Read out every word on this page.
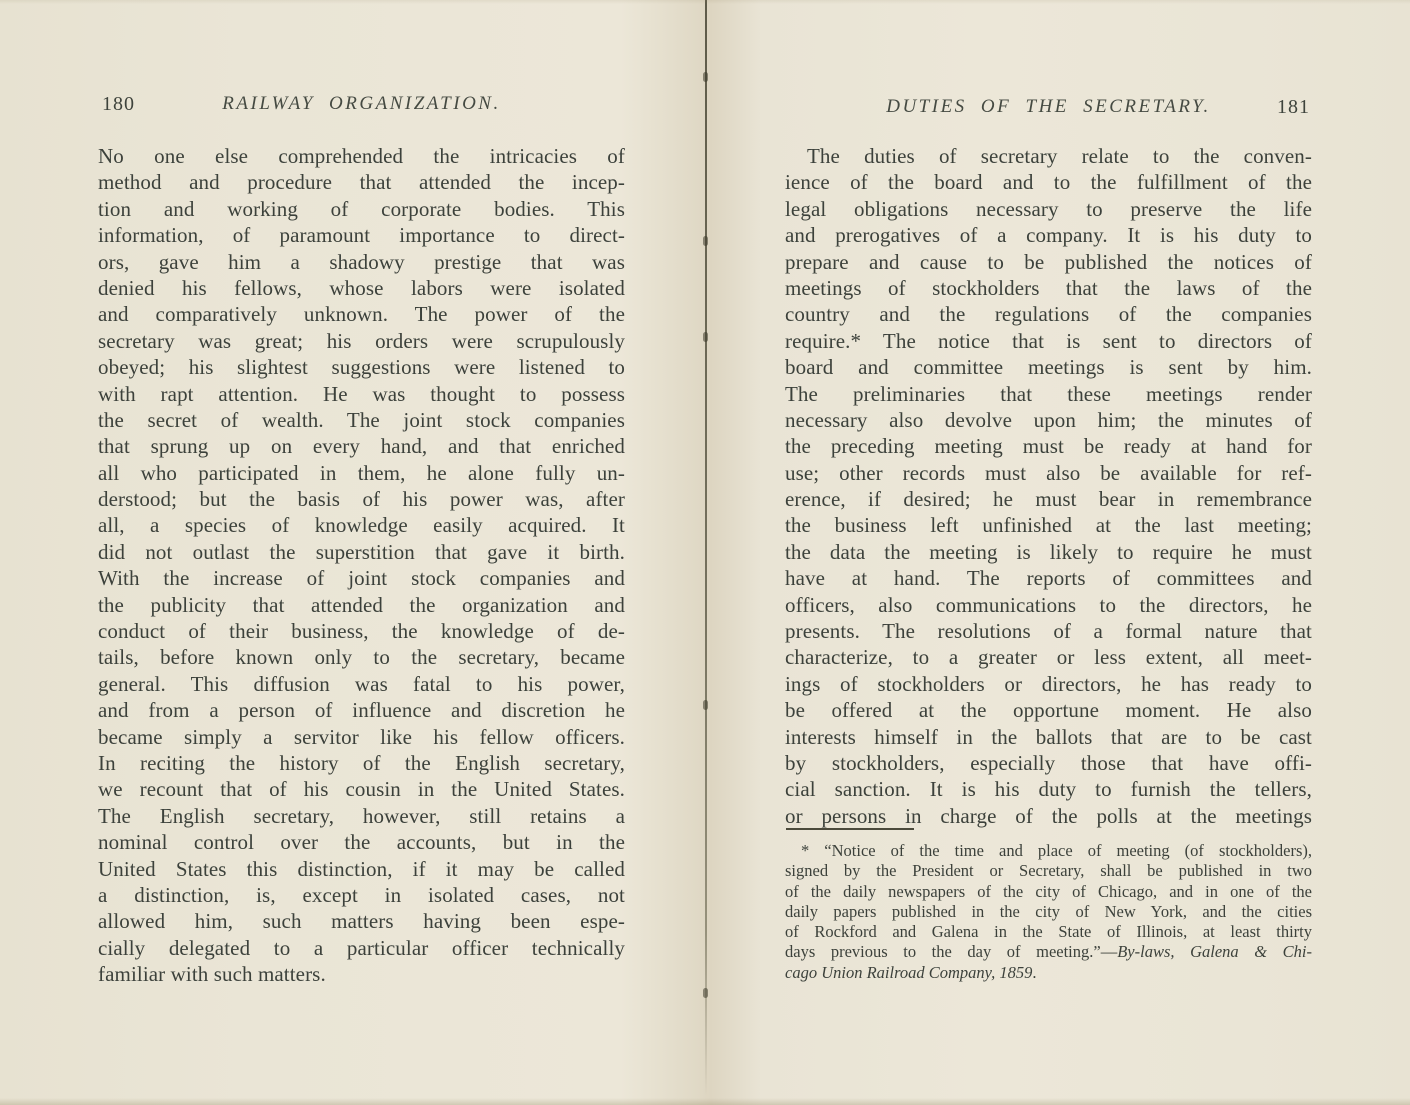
180	RAILWAY ORGANIZATION.
No one else comprehended the intricacies of
method and procedure that attended the incep-
tion and working of corporate bodies. This
information, of paramount importance to direct-
ors, gave him a shadowy prestige that was
denied his fellows, whose labors were isolated
and comparatively unknown. The power of the
secretary was great; his orders were scrupulously
obeyed; his slightest suggestions were listened to
with rapt attention. He was thought to possess
the secret of wealth. The joint stock companies
that sprung up on every hand, and that enriched
all who participated in them, he alone fully un-
derstood; but the basis of his power was, after
all, a species of knowledge easily acquired. It
did not outlast the superstition that gave it birth.
With the increase of joint stock companies and
the publicity that attended the organization and
conduct of their business, the knowledge of de-
tails, before known only to the secretary, became
general. This diffusion was fatal to his power,
and from a person of influence and discretion he
became simply a servitor like his fellow officers.
In reciting the history of the English secretary,
we recount that of his cousin in the United States.
The English secretary, however, still retains a
nominal control over the accounts, but in the
United States this distinction, if it may be called
a distinction, is, except in isolated cases, not
allowed him, such matters having been espe-
cially delegated to a particular officer technically
familiar with such matters.
DUTIES OF THE SECRETARY.	181
The duties of secretary relate to the conven-
ience of the board and to the fulfillment of the
legal obligations necessary to preserve the life
and prerogatives of a company. It is his duty to
prepare and cause to be published the notices of
meetings of stockholders that the laws of the
country and the regulations of the companies
require.* The notice that is sent to directors of
board and committee meetings is sent by him.
The preliminaries that these meetings render
necessary also devolve upon him; the minutes of
the preceding meeting must be ready at hand for
use; other records must also be available for ref-
erence, if desired; he must bear in remembrance
the business left unfinished at the last meeting;
the data the meeting is likely to require he must
have at hand. The reports of committees and
officers, also communications to the directors, he
presents. The resolutions of a formal nature that
characterize, to a greater or less extent, all meet-
ings of stockholders or directors, he has ready to
be offered at the opportune moment. He also
interests himself in the ballots that are to be cast
by stockholders, especially those that have offi-
cial sanction. It is his duty to furnish the tellers,
or persons in charge of the polls at the meetings
* “Notice of the time and place of meeting (of stockholders),
signed by the President or Secretary, shall be published in two
of the daily newspapers of the city of Chicago, and in one of the
daily papers published in the city of New York, and the cities
of Rockford and Galena in the State of Illinois, at least thirty
days previous to the day of meeting.”—By-laws, Galena & Chi-
cago Union Railroad Company, 1859.
